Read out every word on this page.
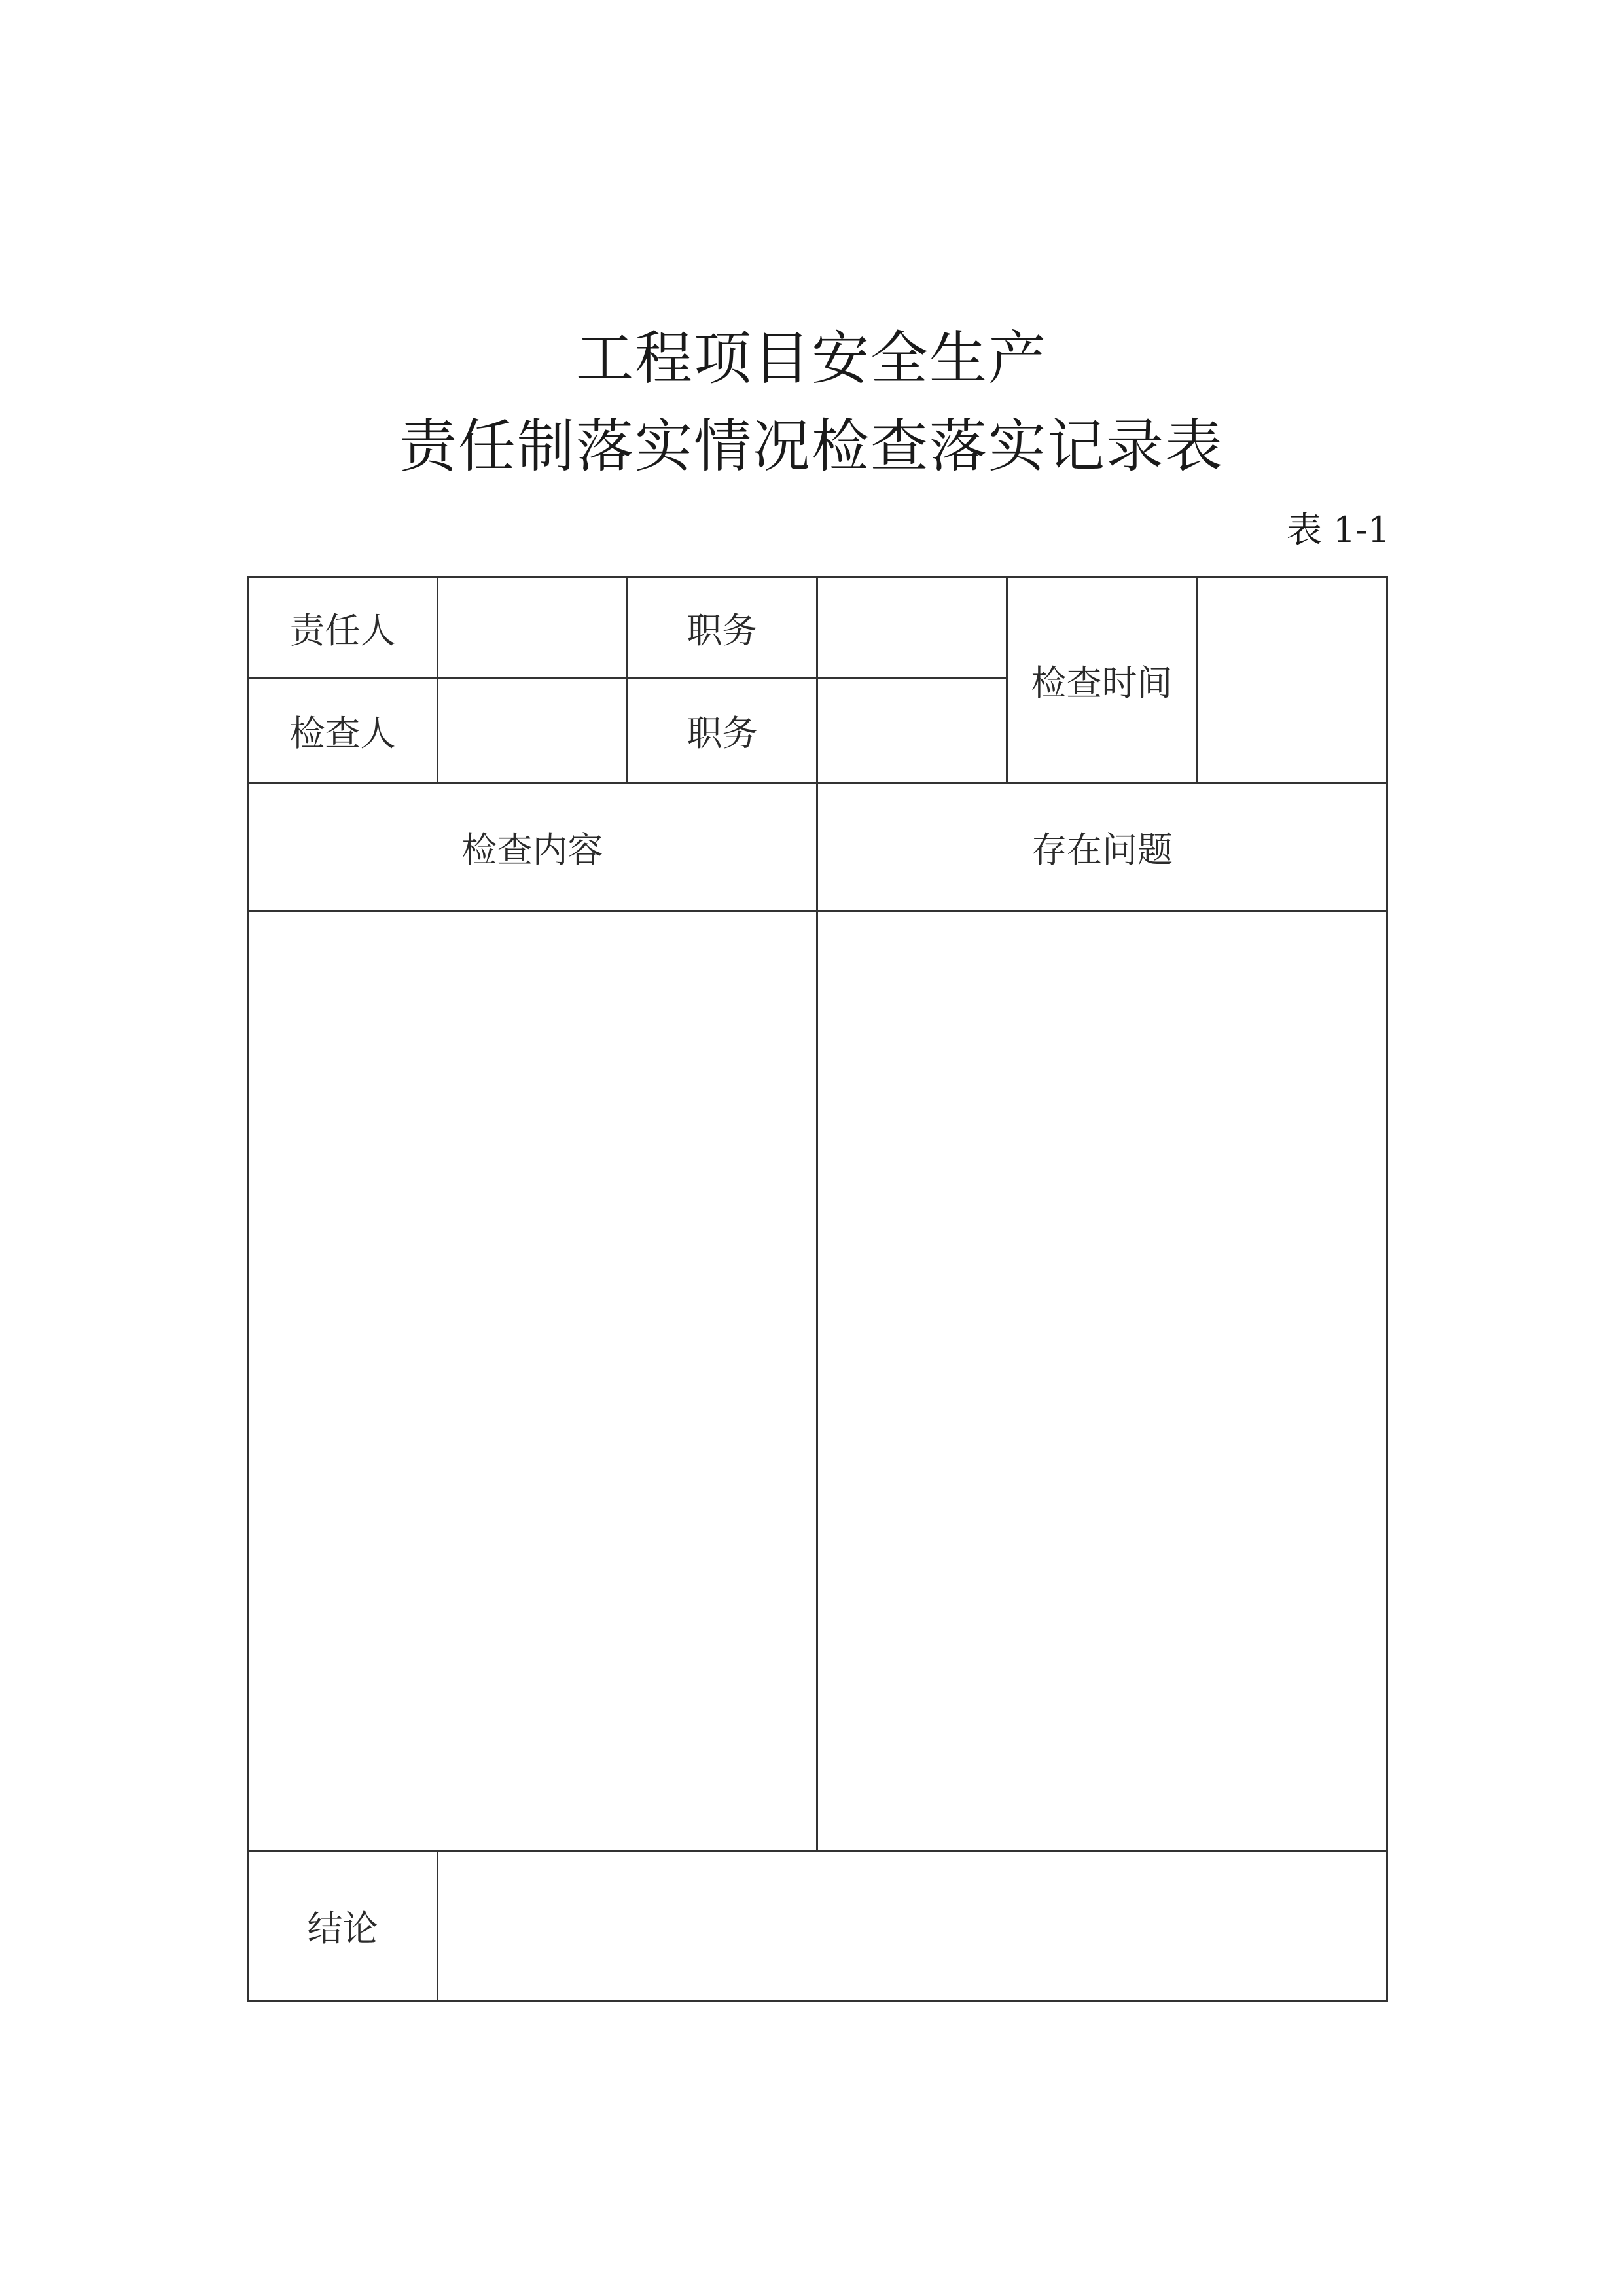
工程项目安全生产
责任制落实情况检查落实记录表
表 1-1
责任人		职务		检查时间	
检查人		职务			
检查内容			存在问题		

结论					
